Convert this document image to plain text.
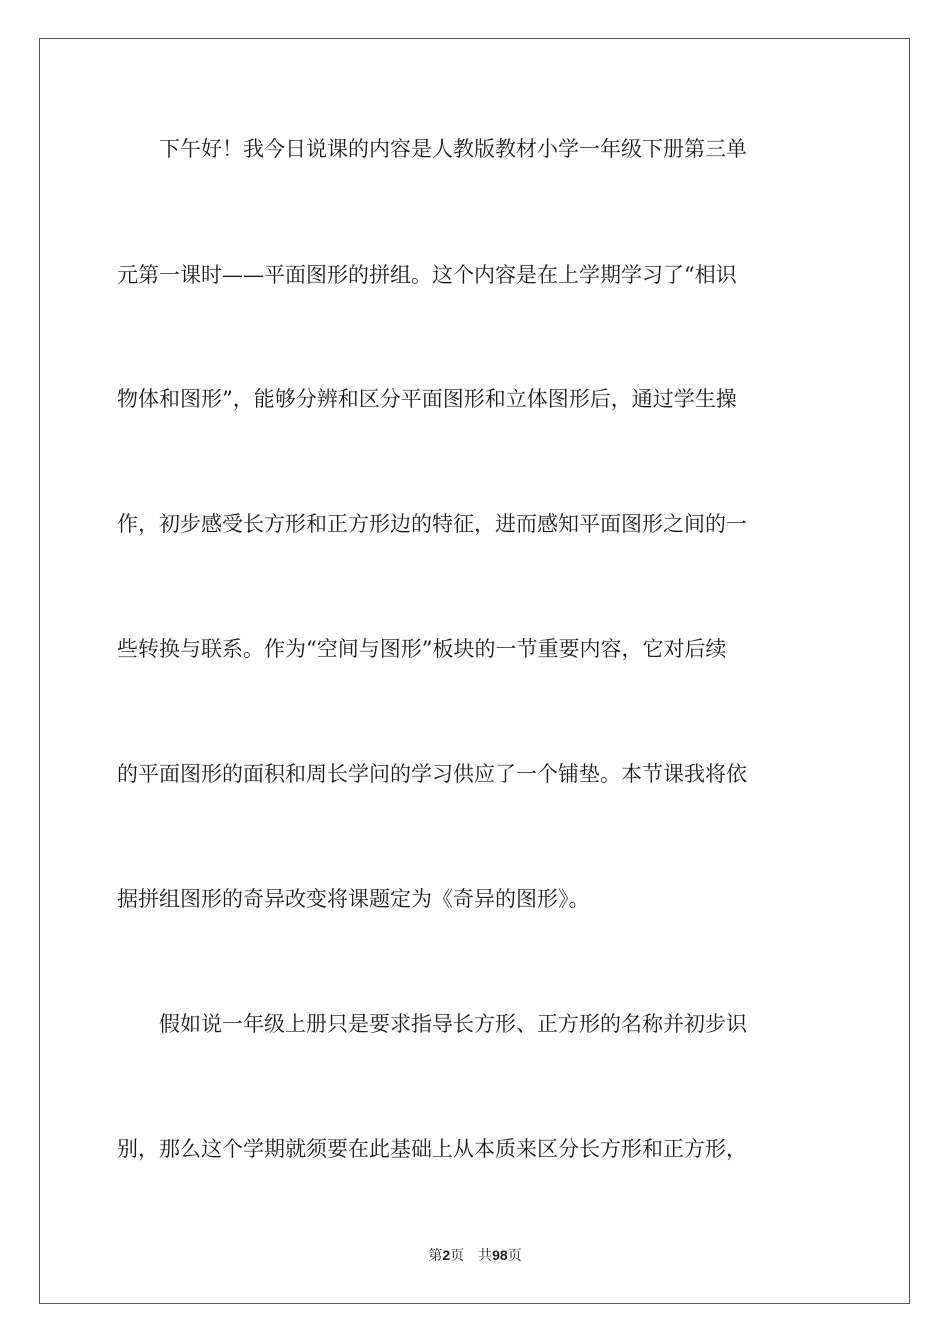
　　下午好！我今日说课的内容是人教版教材小学一年级下册第三单
元第一课时——平面图形的拼组。这个内容是在上学期学习了“相识
物体和图形”，能够分辨和区分平面图形和立体图形后，通过学生操
作，初步感受长方形和正方形边的特征，进而感知平面图形之间的一
些转换与联系。作为“空间与图形”板块的一节重要内容，它对后续
的平面图形的面积和周长学问的学习供应了一个铺垫。本节课我将依
据拼组图形的奇异改变将课题定为《奇异的图形》。
　　假如说一年级上册只是要求指导长方形、正方形的名称并初步识
别，那么这个学期就须要在此基础上从本质来区分长方形和正方形，
第2页 共98页
